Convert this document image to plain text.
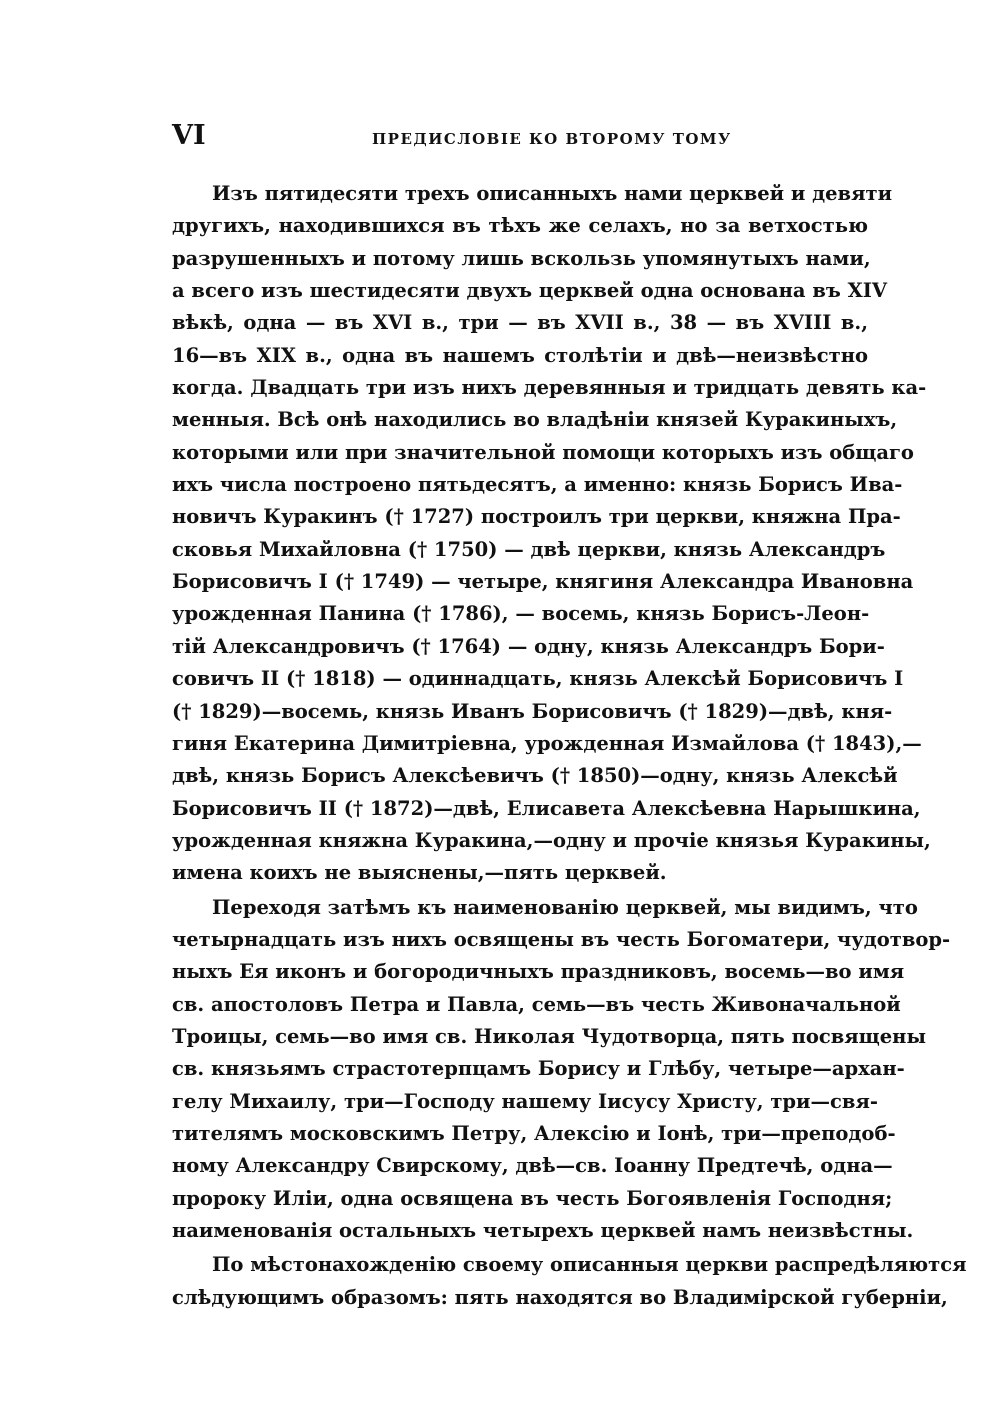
VI	ПРЕДИСЛОВІЕ КО ВТОРОМУ ТОМУ
Изъ пятидесяти трехъ описанныхъ нами церквей и девяти
другихъ, находившихся въ тѣхъ же селахъ, но за ветхостью
разрушенныхъ и потому лишь вскользь упомянутыхъ нами,
а всего изъ шестидесяти двухъ церквей одна основана въ XIV
вѣкѣ, одна — въ XVI в., три — въ XVII в., 38 — въ XVIII в.,
16—въ XIX в., одна въ нашемъ столѣтіи и двѣ—неизвѣстно
когда. Двадцать три изъ нихъ деревянныя и тридцать девять ка-
менныя. Всѣ онѣ находились во владѣніи князей Куракиныхъ,
которыми или при значительной помощи которыхъ изъ общаго
ихъ числа построено пятьдесятъ, а именно: князь Борисъ Ива-
новичъ Куракинъ († 1727) построилъ три церкви, княжна Пра-
сковья Михайловна († 1750) — двѣ церкви, князь Александръ
Борисовичъ I († 1749) — четыре, княгиня Александра Ивановна
урожденная Панина († 1786), — восемь, князь Борисъ-Леон-
тій Александровичъ († 1764) — одну, князь Александръ Бори-
совичъ II († 1818) — одиннадцать, князь Алексѣй Борисовичъ I
(† 1829)—восемь, князь Иванъ Борисовичъ († 1829)—двѣ, кня-
гиня Екатерина Димитріевна, урожденная Измайлова († 1843),—
двѣ, князь Борисъ Алексѣевичъ († 1850)—одну, князь Алексѣй
Борисовичъ II († 1872)—двѣ, Елисавета Алексѣевна Нарышкина,
урожденная княжна Куракина,—одну и прочіе князья Куракины,
имена коихъ не выяснены,—пять церквей.
Переходя затѣмъ къ наименованію церквей, мы видимъ, что
четырнадцать изъ нихъ освящены въ честь Богоматери, чудотвор-
ныхъ Ея иконъ и богородичныхъ праздниковъ, восемь—во имя
св. апостоловъ Петра и Павла, семь—въ честь Живоначальной
Троицы, семь—во имя св. Николая Чудотворца, пять посвящены
св. князьямъ страстотерпцамъ Борису и Глѣбу, четыре—архан-
гелу Михаилу, три—Господу нашему Іисусу Христу, три—свя-
тителямъ московскимъ Петру, Алексію и Іонѣ, три—преподоб-
ному Александру Свирскому, двѣ—св. Іоанну Предтечѣ, одна—
пророку Иліи, одна освящена въ честь Богоявленія Господня;
наименованія остальныхъ четырехъ церквей намъ неизвѣстны.
По мѣстонахожденію своему описанныя церкви распредѣляются
слѣдующимъ образомъ: пять находятся во Владимірской губерніи,
